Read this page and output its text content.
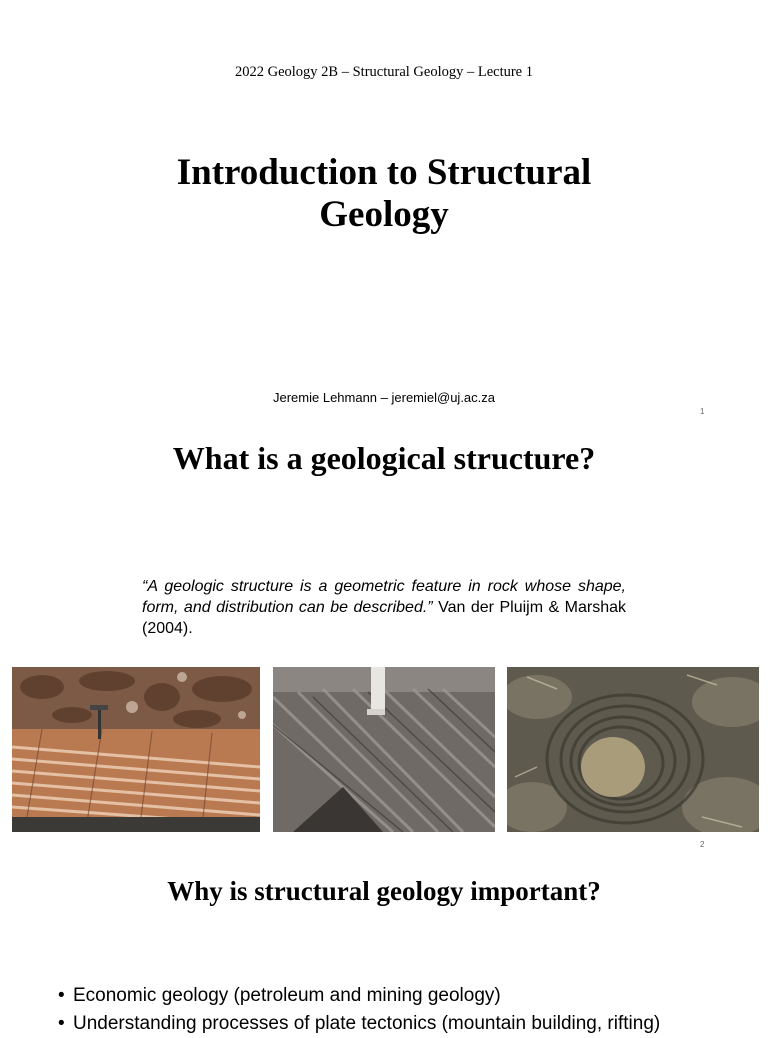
2022 Geology 2B – Structural Geology – Lecture 1
Introduction to Structural Geology
Jeremie Lehmann – jeremiel@uj.ac.za
1
What is a geological structure?
“A geologic structure is a geometric feature in rock whose shape, form, and distribution can be described.” Van der Pluijm & Marshak (2004).
2
Why is structural geology important?
• Economic geology (petroleum and mining geology)
• Understanding processes of plate tectonics (mountain building, rifting)
